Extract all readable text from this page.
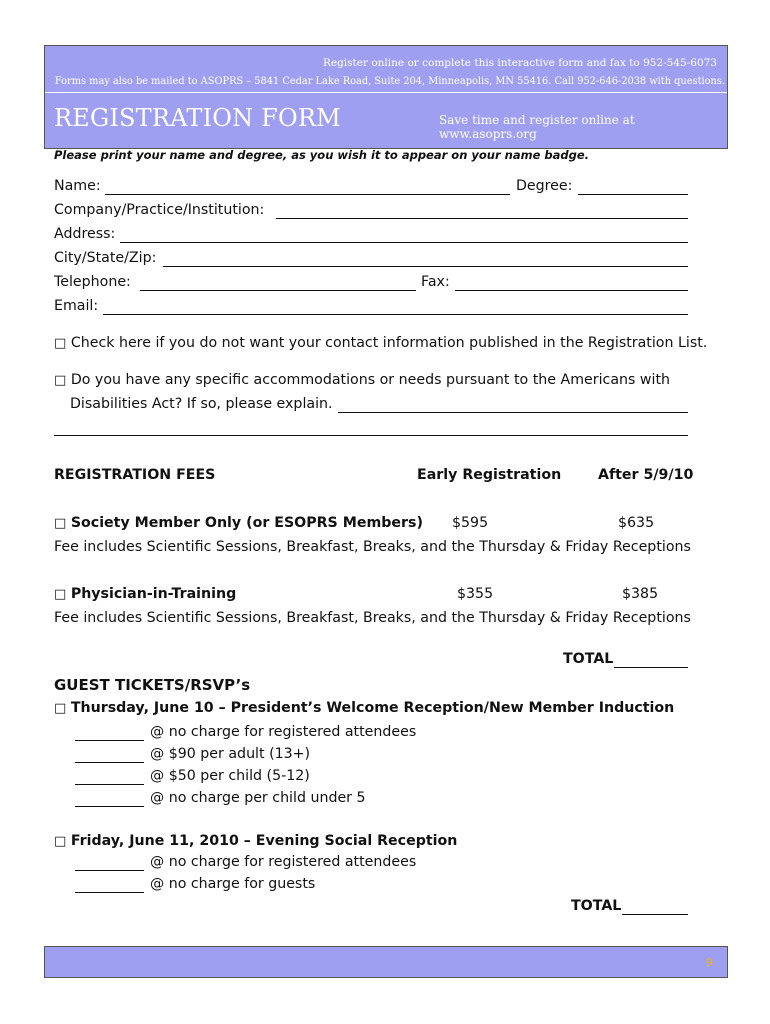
Register online or complete this interactive form and fax to 952-545-6073
Forms may also be mailed to ASOPRS – 5841 Cedar Lake Road, Suite 204, Minneapolis, MN 55416. Call 952-646-2038 with questions.
REGISTRATION FORM	Save time and register online at www.asoprs.org
Please print your name and degree, as you wish it to appear on your name badge.
Name:	Degree:
Company/Practice/Institution:
Address:
City/State/Zip:
Telephone:	Fax:
Email:
□ Check here if you do not want your contact information published in the Registration List.
□ Do you have any specific accommodations or needs pursuant to the Americans with
Disabilities Act? If so, please explain.
REGISTRATION FEES	Early Registration	After 5/9/10
□ Society Member Only (or ESOPRS Members) $595	$635
Fee includes Scientific Sessions, Breakfast, Breaks, and the Thursday & Friday Receptions
□ Physician-in-Training	$355	$385
Fee includes Scientific Sessions, Breakfast, Breaks, and the Thursday & Friday Receptions
TOTAL
GUEST TICKETS/RSVP’s
□ Thursday, June 10 – President’s Welcome Reception/New Member Induction
@ no charge for registered attendees
@ $90 per adult (13+)
@ $50 per child (5-12)
@ no charge per child under 5
□ Friday, June 11, 2010 – Evening Social Reception
@ no charge for registered attendees
@ no charge for guests
TOTAL
9
